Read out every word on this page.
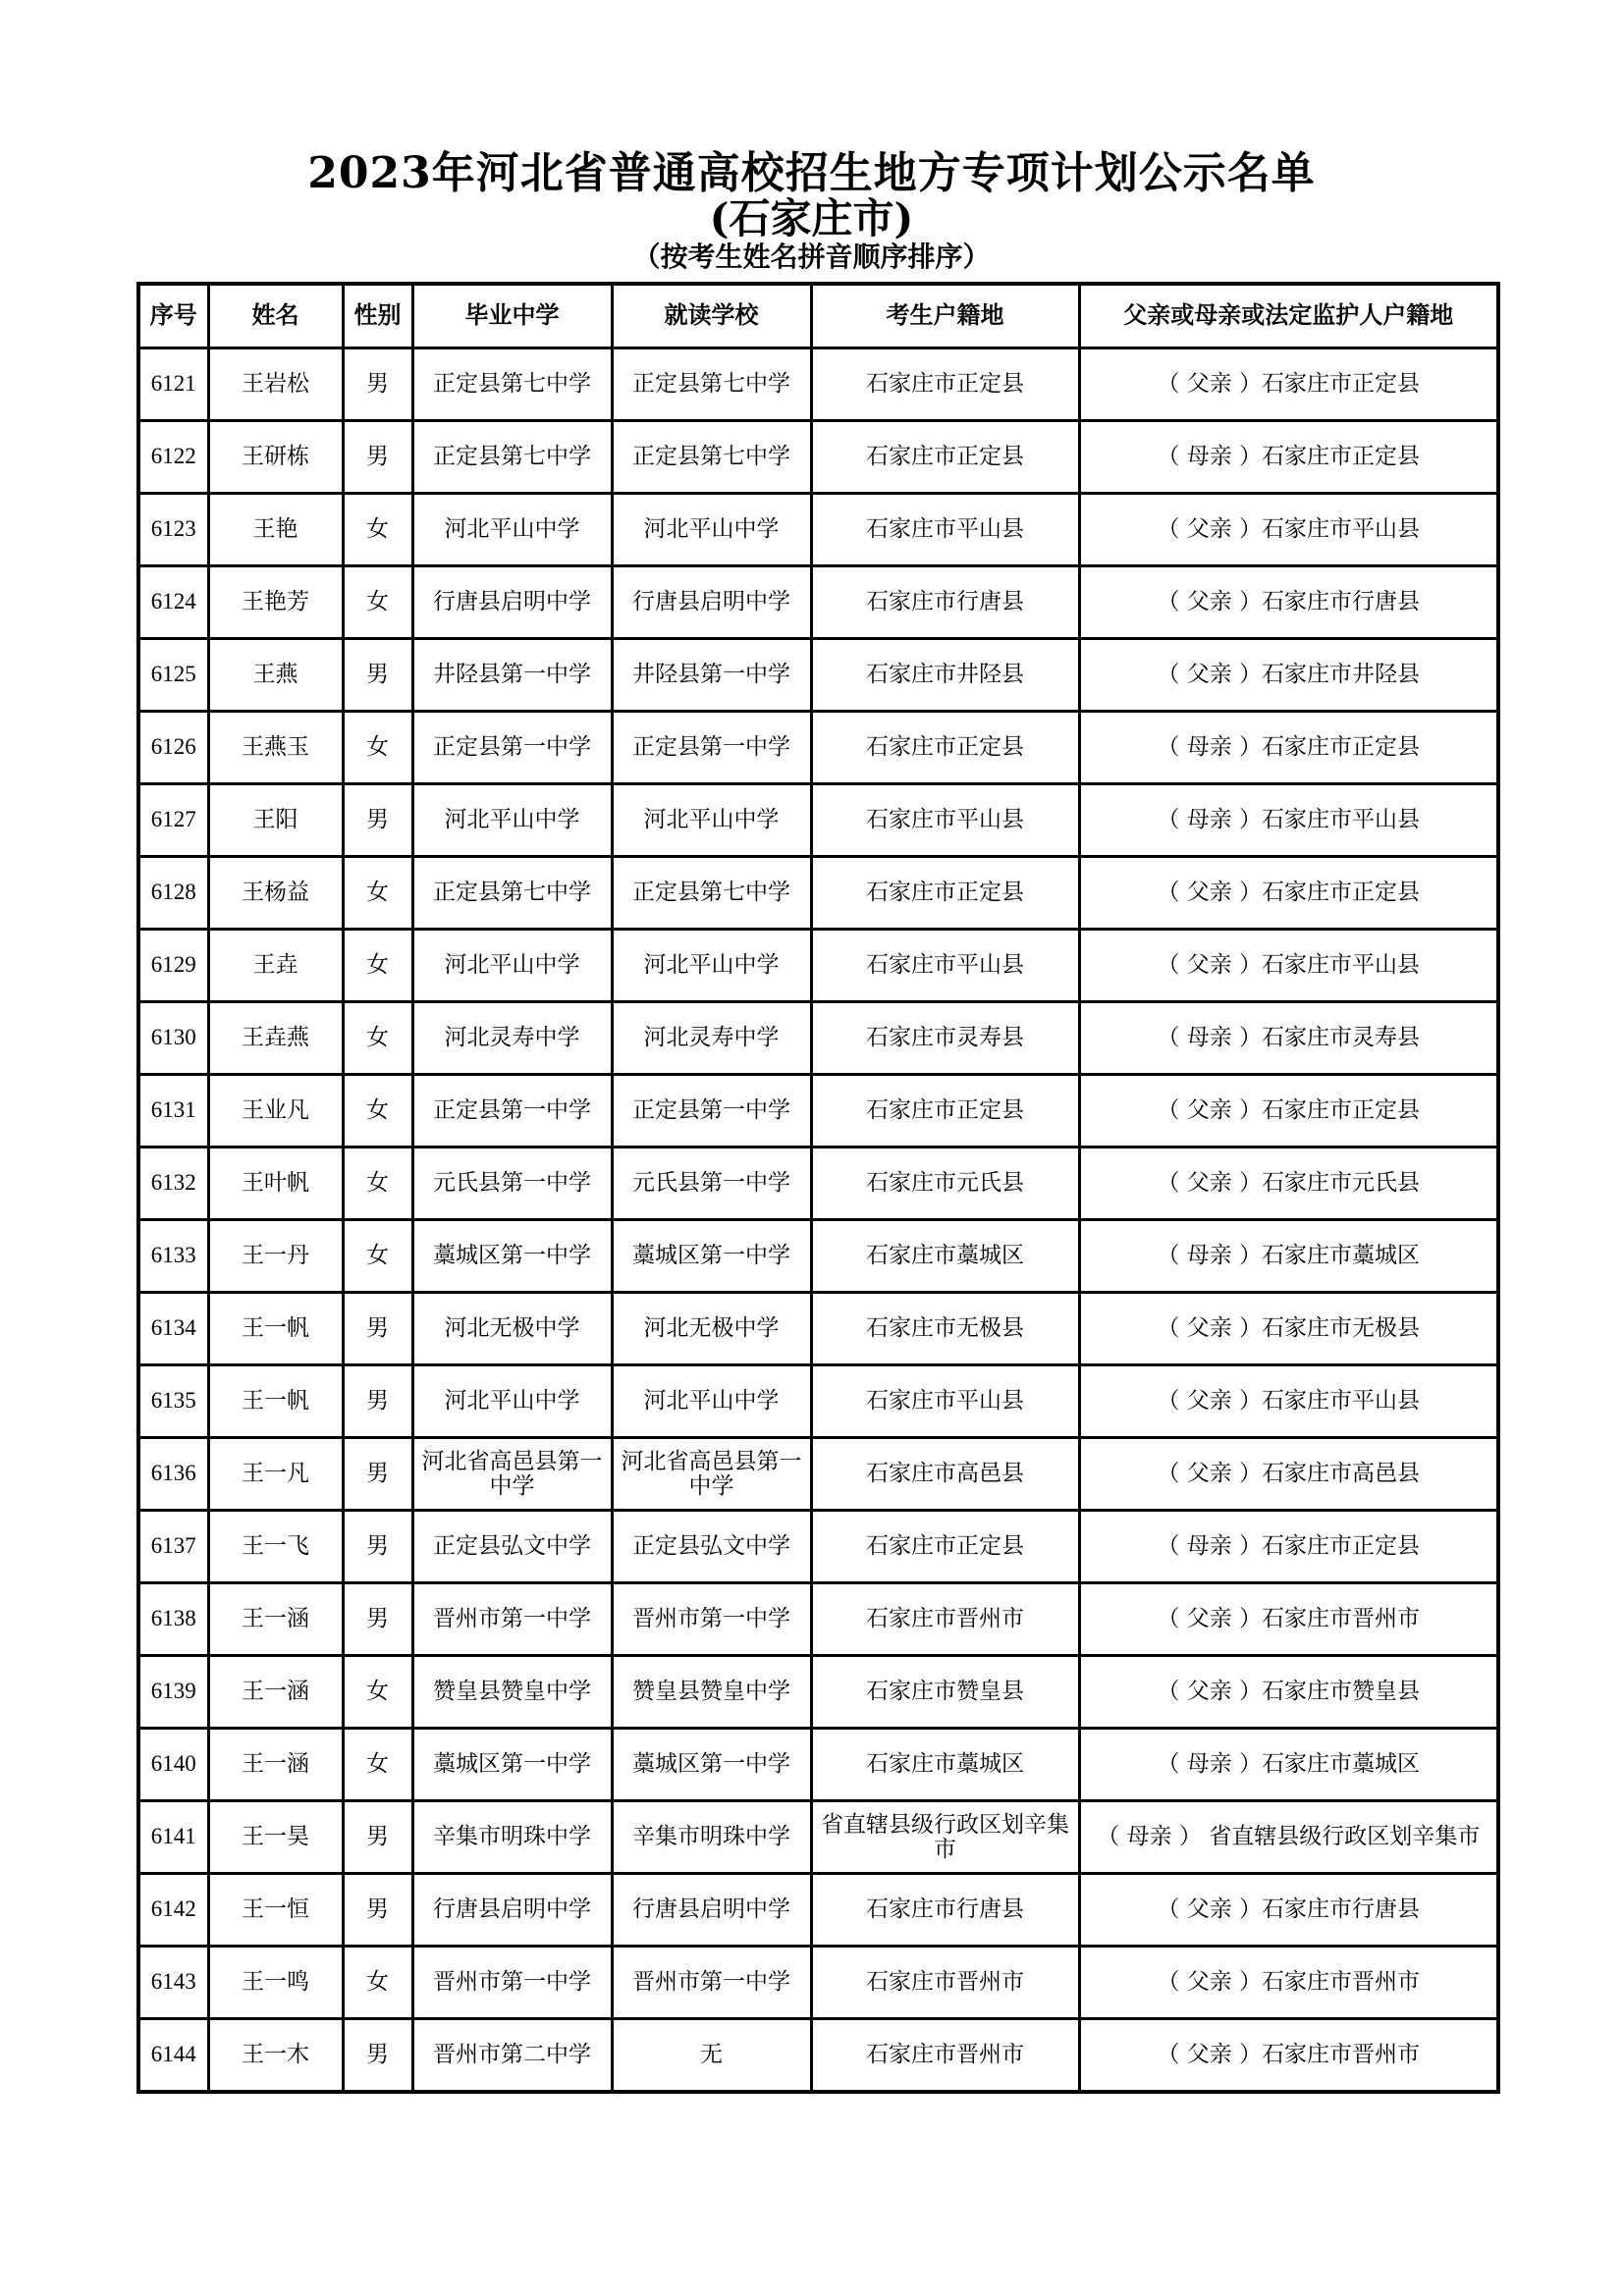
2023年河北省普通高校招生地方专项计划公示名单
(石家庄市)
（按考生姓名拼音顺序排序）
序号	姓名	性别	毕业中学	就读学校	考生户籍地	父亲或母亲或法定监护人户籍地
6121	王岩松	男	正定县第七中学	正定县第七中学	石家庄市正定县	（ 父亲 ）石家庄市正定县
6122	王研栋	男	正定县第七中学	正定县第七中学	石家庄市正定县	（ 母亲 ）石家庄市正定县
6123	王艳	女	河北平山中学	河北平山中学	石家庄市平山县	（ 父亲 ）石家庄市平山县
6124	王艳芳	女	行唐县启明中学	行唐县启明中学	石家庄市行唐县	（ 父亲 ）石家庄市行唐县
6125	王燕	男	井陉县第一中学	井陉县第一中学	石家庄市井陉县	（ 父亲 ）石家庄市井陉县
6126	王燕玉	女	正定县第一中学	正定县第一中学	石家庄市正定县	（ 母亲 ）石家庄市正定县
6127	王阳	男	河北平山中学	河北平山中学	石家庄市平山县	（ 母亲 ）石家庄市平山县
6128	王杨益	女	正定县第七中学	正定县第七中学	石家庄市正定县	（ 父亲 ）石家庄市正定县
6129	王垚	女	河北平山中学	河北平山中学	石家庄市平山县	（ 父亲 ）石家庄市平山县
6130	王垚燕	女	河北灵寿中学	河北灵寿中学	石家庄市灵寿县	（ 母亲 ）石家庄市灵寿县
6131	王业凡	女	正定县第一中学	正定县第一中学	石家庄市正定县	（ 父亲 ）石家庄市正定县
6132	王叶帆	女	元氏县第一中学	元氏县第一中学	石家庄市元氏县	（ 父亲 ）石家庄市元氏县
6133	王一丹	女	藁城区第一中学	藁城区第一中学	石家庄市藁城区	（ 母亲 ）石家庄市藁城区
6134	王一帆	男	河北无极中学	河北无极中学	石家庄市无极县	（ 父亲 ）石家庄市无极县
6135	王一帆	男	河北平山中学	河北平山中学	石家庄市平山县	（ 父亲 ）石家庄市平山县
6136	王一凡	男	河北省高邑县第一中学	河北省高邑县第一中学	石家庄市高邑县	（ 父亲 ）石家庄市高邑县
6137	王一飞	男	正定县弘文中学	正定县弘文中学	石家庄市正定县	（ 母亲 ）石家庄市正定县
6138	王一涵	男	晋州市第一中学	晋州市第一中学	石家庄市晋州市	（ 父亲 ）石家庄市晋州市
6139	王一涵	女	赞皇县赞皇中学	赞皇县赞皇中学	石家庄市赞皇县	（ 父亲 ）石家庄市赞皇县
6140	王一涵	女	藁城区第一中学	藁城区第一中学	石家庄市藁城区	（ 母亲 ）石家庄市藁城区
6141	王一昊	男	辛集市明珠中学	辛集市明珠中学	省直辖县级行政区划辛集市	（ 母亲 ） 省直辖县级行政区划辛集市
6142	王一恒	男	行唐县启明中学	行唐县启明中学	石家庄市行唐县	（ 父亲 ）石家庄市行唐县
6143	王一鸣	女	晋州市第一中学	晋州市第一中学	石家庄市晋州市	（ 父亲 ）石家庄市晋州市
6144	王一木	男	晋州市第二中学	无	石家庄市晋州市	（ 父亲 ）石家庄市晋州市
